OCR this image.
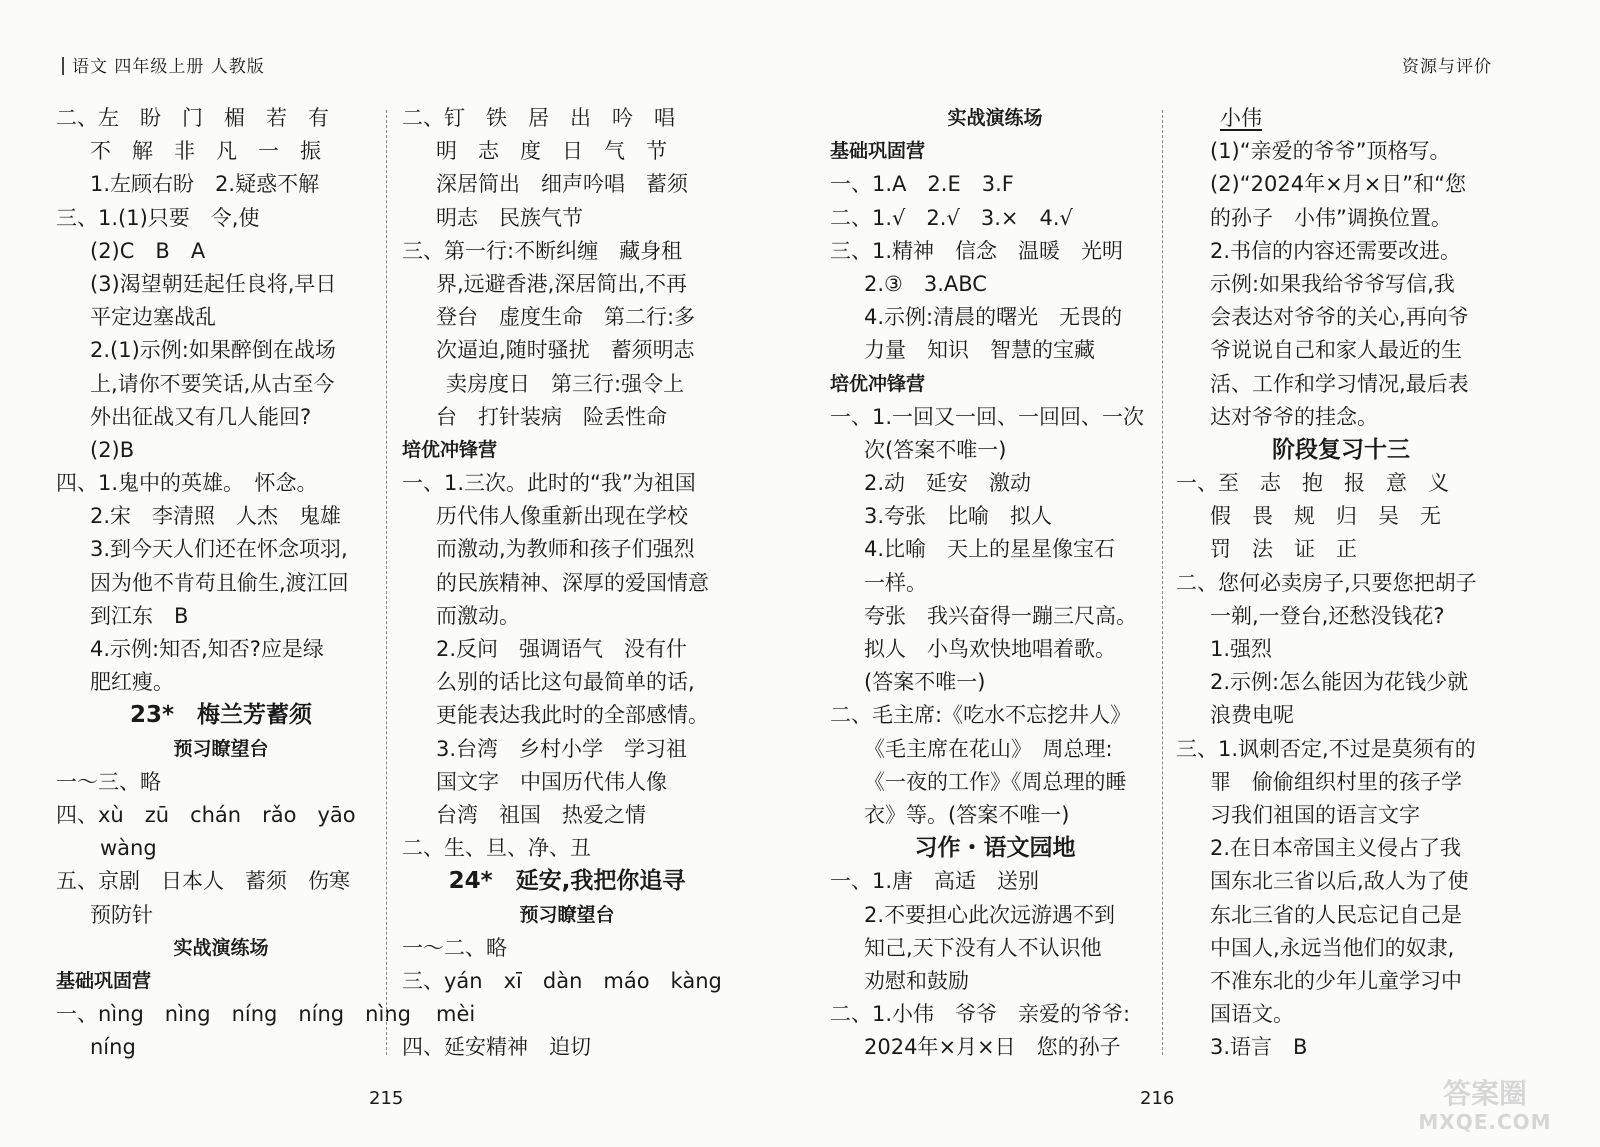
语文 四年级上册 人教版	资源与评价
二、左　盼　门　楣　若　有
不　解　非　凡　一　振
1.左顾右盼　2.疑惑不解
三、1.(1)只要　令,使
(2)C　B　A
(3)渴望朝廷起任良将,早日
平定边塞战乱
2.(1)示例:如果醉倒在战场
上,请你不要笑话,从古至今
外出征战又有几人能回?
(2)B
四、1.鬼中的英雄。　怀念。
2.宋　李清照　人杰　鬼雄
3.到今天人们还在怀念项羽,
因为他不肯苟且偷生,渡江回
到江东　B
4.示例:知否,知否?应是绿
肥红瘦。
23*　梅兰芳蓄须
预习瞭望台
一～三、略
四、xù　zū　chán　rǎo　yāo
wàng
五、京剧　日本人　蓄须　伤寒
预防针
实战演练场
基础巩固营
一、nìng　nìng　níng　níng　nìng
níng
二、钉　铁　居　出　吟　唱
明　志　度　日　气　节
深居简出　细声吟唱　蓄须
明志　民族气节
三、第一行:不断纠缠　藏身租
界,远避香港,深居简出,不再
登台　虚度生命　第二行:多
次逼迫,随时骚扰　蓄须明志
卖房度日　第三行:强令上
台　打针装病　险丢性命
培优冲锋营
一、1.三次。此时的“我”为祖国
历代伟人像重新出现在学校
而激动,为教师和孩子们强烈
的民族精神、深厚的爱国情意
而激动。
2.反问　强调语气　没有什
么别的话比这句最简单的话,
更能表达我此时的全部感情。
3.台湾　乡村小学　学习祖
国文字　中国历代伟人像
台湾　祖国　热爱之情
二、生、旦、净、丑
24*　延安,我把你追寻
预习瞭望台
一～二、略
三、yán　xī　dàn　máo　kàng
mèi
四、延安精神　迫切
实战演练场
基础巩固营
一、1.A　2.E　3.F
二、1.√　2.√　3.×　4.√
三、1.精神　信念　温暖　光明
2.③　3.ABC
4.示例:清晨的曙光　无畏的
力量　知识　智慧的宝藏
培优冲锋营
一、1.一回又一回、一回回、一次
次(答案不唯一)
2.动　延安　激动
3.夸张　比喻　拟人
4.比喻　天上的星星像宝石
一样。
夸张　我兴奋得一蹦三尺高。
拟人　小鸟欢快地唱着歌。
(答案不唯一)
二、毛主席:《吃水不忘挖井人》
《毛主席在花山》　周总理:
《一夜的工作》《周总理的睡
衣》等。(答案不唯一)
习作・语文园地
一、1.唐　高适　送别
2.不要担心此次远游遇不到
知己,天下没有人不认识他
劝慰和鼓励
二、1.小伟　爷爷　亲爱的爷爷:
2024年×月×日　您的孙子
小伟
(1)“亲爱的爷爷”顶格写。
(2)“2024年×月×日”和“您
的孙子　小伟”调换位置。
2.书信的内容还需要改进。
示例:如果我给爷爷写信,我
会表达对爷爷的关心,再向爷
爷说说自己和家人最近的生
活、工作和学习情况,最后表
达对爷爷的挂念。
阶段复习十三
一、至　志　抱　报　意　义
假　畏　规　归　吴　无
罚　法　证　正
二、您何必卖房子,只要您把胡子
一剃,一登台,还愁没钱花?
1.强烈
2.示例:怎么能因为花钱少就
浪费电呢
三、1.讽刺否定,不过是莫须有的
罪　偷偷组织村里的孩子学
习我们祖国的语言文字
2.在日本帝国主义侵占了我
国东北三省以后,敌人为了使
东北三省的人民忘记自己是
中国人,永远当他们的奴隶,
不准东北的少年儿童学习中
国语文。
3.语言　B
215	216	答案圈
MXQE.COM
